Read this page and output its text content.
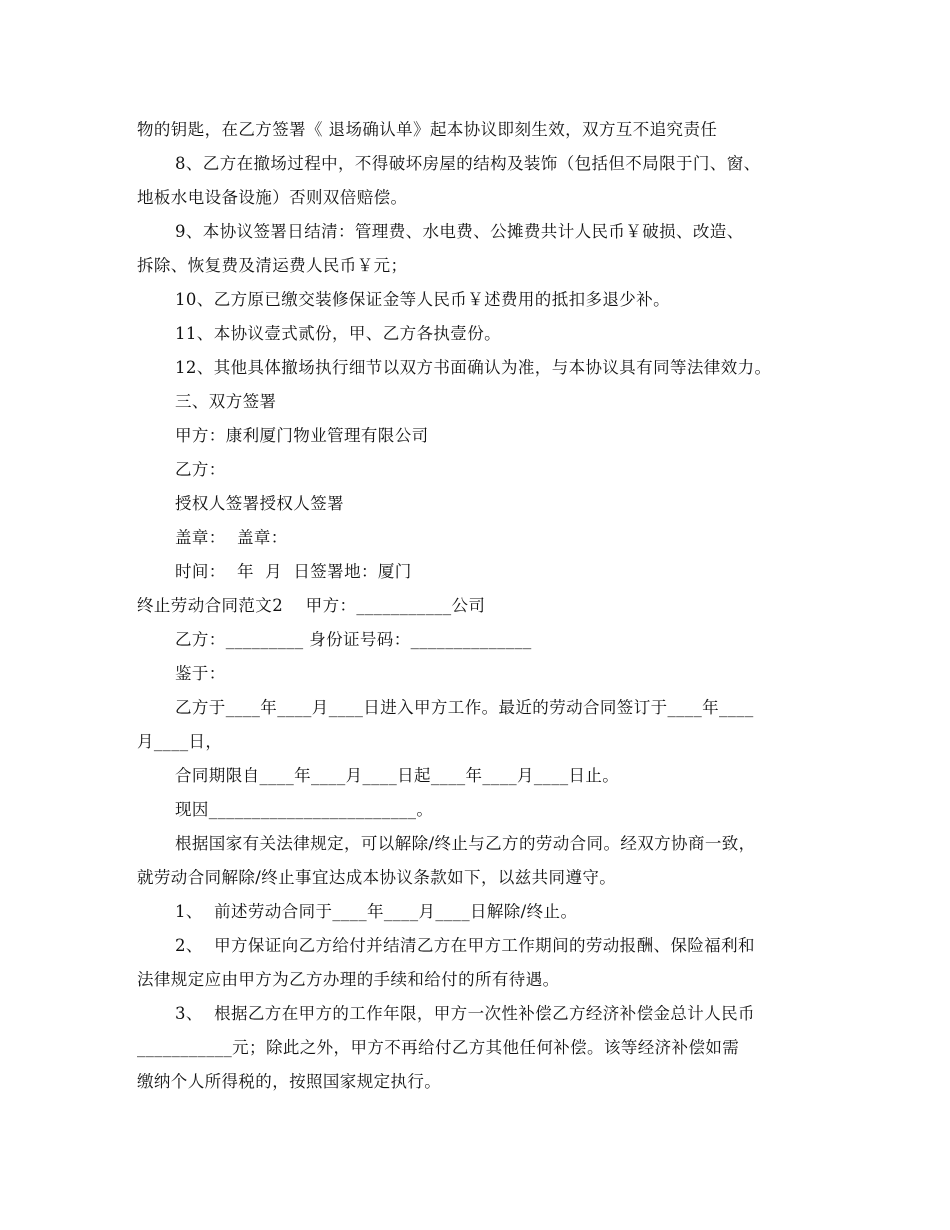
物的钥匙，在乙方签署《 退场确认单》起本协议即刻生效，双方互不追究责任
8、乙方在撤场过程中，不得破坏房屋的结构及装饰（包括但不局限于门、窗、
地板水电设备设施）否则双倍赔偿。
9、本协议签署日结清：管理费、水电费、公摊费共计人民币￥破损、改造、
拆除、恢复费及清运费人民币￥元；
10、乙方原已缴交装修保证金等人民币￥述费用的抵扣多退少补。
11、本协议壹式贰份，甲、乙方各执壹份。
12、其他具体撤场执行细节以双方书面确认为准，与本协议具有同等法律效力。
三、双方签署
甲方：康利厦门物业管理有限公司
乙方：
授权人签署授权人签署
盖章：  盖章：
时间：  年  月  日签署地：厦门
终止劳动合同范文2    甲方：___________公司
乙方：_________ 身份证号码：______________
鉴于：
乙方于____年____月____日进入甲方工作。最近的劳动合同签订于____年____
月____日，
合同期限自____年____月____日起____年____月____日止。
现因________________________。
根据国家有关法律规定，可以解除/终止与乙方的劳动合同。经双方协商一致，
就劳动合同解除/终止事宜达成本协议条款如下，以兹共同遵守。
1、  前述劳动合同于____年____月____日解除/终止。
2、  甲方保证向乙方给付并结清乙方在甲方工作期间的劳动报酬、保险福利和
法律规定应由甲方为乙方办理的手续和给付的所有待遇。
3、  根据乙方在甲方的工作年限，甲方一次性补偿乙方经济补偿金总计人民币
___________元；除此之外，甲方不再给付乙方其他任何补偿。该等经济补偿如需
缴纳个人所得税的，按照国家规定执行。
